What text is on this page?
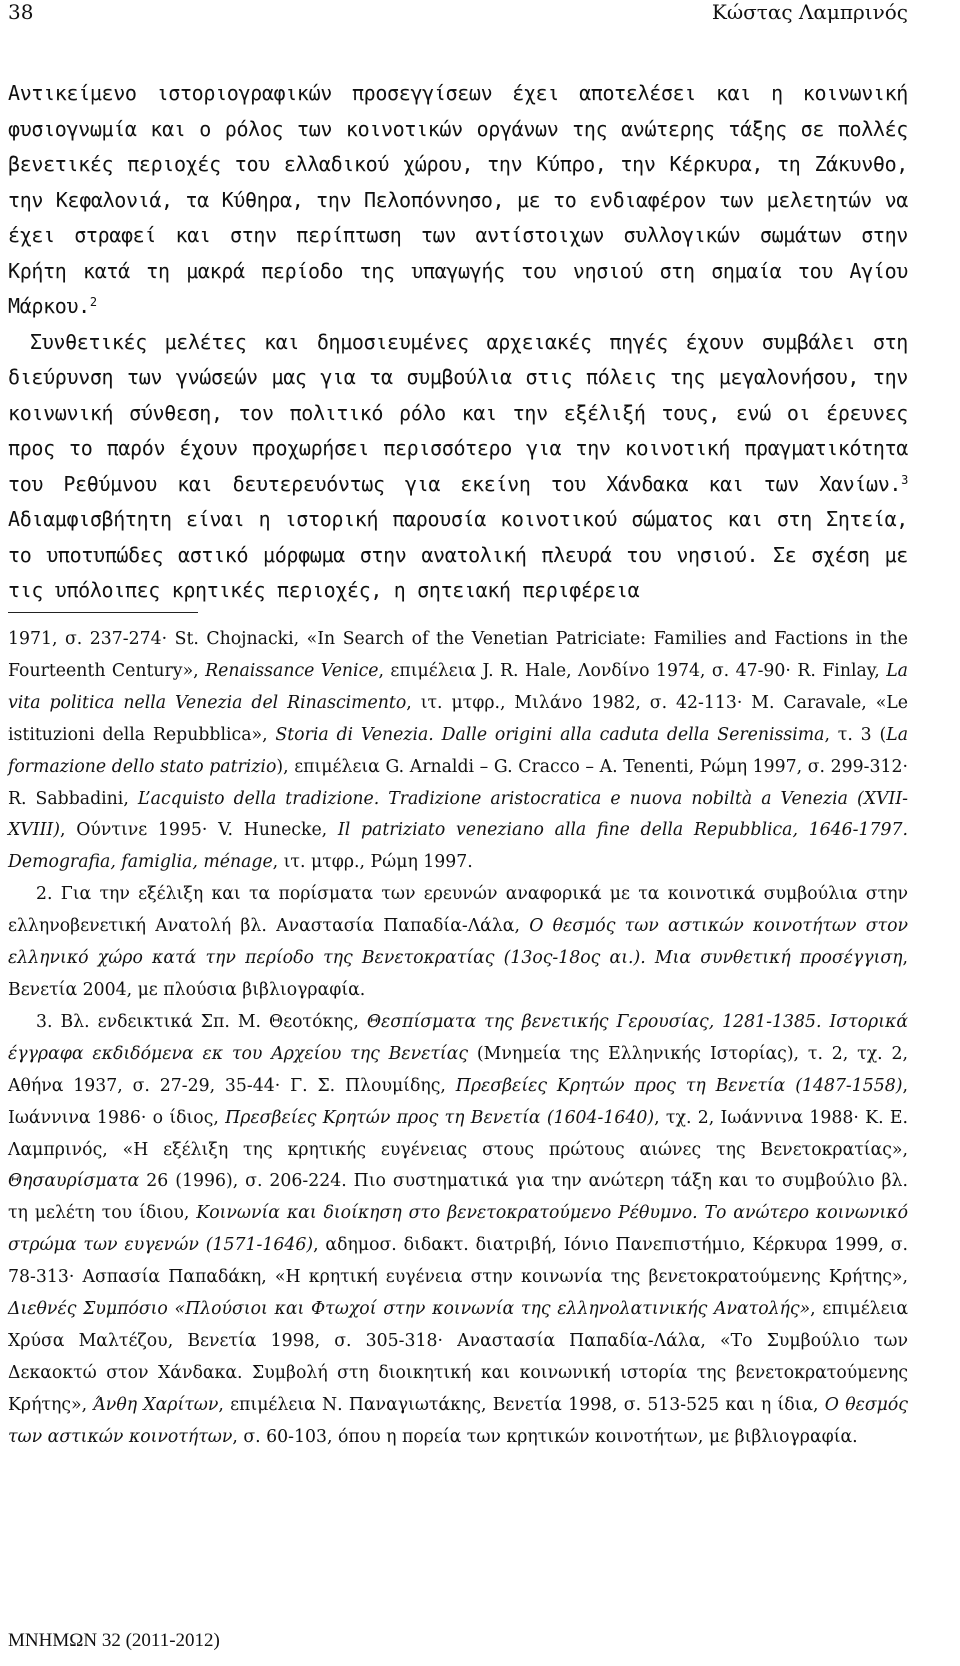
38	Κώστας Λαμπρινός

Αντικείμενο ιστοριογραφικών προσεγγίσεων έχει αποτελέσει και η κοινωνική φυσιογνωμία και ο ρόλος των κοινοτικών οργάνων της ανώτερης τάξης σε πολλές βενετικές περιοχές του ελλαδικού χώρου, την Κύπρο, την Κέρκυρα, τη Ζάκυνθο, την Κεφαλονιά, τα Κύθηρα, την Πελοπόννησο, με το ενδιαφέρον των μελετητών να έχει στραφεί και στην περίπτωση των αντίστοιχων συλλογικών σωμάτων στην Κρήτη κατά τη μακρά περίοδο της υπαγωγής του νησιού στη σημαία του Αγίου Μάρκου.$^2$

Συνθετικές μελέτες και δημοσιευμένες αρχειακές πηγές έχουν συμβάλει στη διεύρυνση των γνώσεών μας για τα συμβούλια στις πόλεις της μεγαλονήσου, την κοινωνική σύνθεση, τον πολιτικό ρόλο και την εξέλιξή τους, ενώ οι έρευνες προς το παρόν έχουν προχωρήσει περισσότερο για την κοινοτική πραγματικότητα του Ρεθύμνου και δευτερευόντως για εκείνη του Χάνδακα και των Χανίων.$^3$ Αδιαμφισβήτητη είναι η ιστορική παρουσία κοινοτικού σώματος και στη Σητεία, το υποτυπώδες αστικό μόρφωμα στην ανατολική πλευρά του νησιού. Σε σχέση με τις υπόλοιπες κρητικές περιοχές, η σητειακή περιφέρεια

1971, σ. 237-274· St. Chojnacki, «In Search of the Venetian Patriciate: Families and Factions in the Fourteenth Century», Renaissance Venice, επιμέλεια J. R. Hale, Λονδίνο 1974, σ. 47-90· R. Finlay, La vita politica nella Venezia del Rinascimento, ιτ. μτφρ., Μιλάνο 1982, σ. 42-113· M. Caravale, «Le istituzioni della Repubblica», Storia di Venezia. Dalle origini alla caduta della Serenissima, τ. 3 (La formazione dello stato patrizio), επιμέλεια G. Arnaldi – G. Cracco – A. Tenenti, Ρώμη 1997, σ. 299-312· R. Sabbadini, L’acquisto della tradizione. Tradizione aristocratica e nuova nobiltà a Venezia (XVII-XVIII), Ούντινε 1995· V. Hunecke, Il patriziato veneziano alla fine della Repubblica, 1646-1797. Demografia, famiglia, ménage, ιτ. μτφρ., Ρώμη 1997.

2. Για την εξέλιξη και τα πορίσματα των ερευνών αναφορικά με τα κοινοτικά συμβούλια στην ελληνοβενετική Ανατολή βλ. Αναστασία Παπαδία-Λάλα, Ο θεσμός των αστικών κοινοτήτων στον ελληνικό χώρο κατά την περίοδο της Βενετοκρατίας (13ος-18ος αι.). Μια συνθετική προσέγγιση, Βενετία 2004, με πλούσια βιβλιογραφία.

3. Βλ. ενδεικτικά Σπ. Μ. Θεοτόκης, Θεσπίσματα της βενετικής Γερουσίας, 1281-1385. Ιστορικά έγγραφα εκδιδόμενα εκ του Αρχείου της Βενετίας (Μνημεία της Ελληνικής Ιστορίας), τ. 2, τχ. 2, Αθήνα 1937, σ. 27-29, 35-44· Γ. Σ. Πλουμίδης, Πρεσβείες Κρητών προς τη Βενετία (1487-1558), Ιωάννινα 1986· ο ίδιος, Πρεσβείες Κρητών προς τη Βενετία (1604-1640), τχ. 2, Ιωάννινα 1988· Κ. Ε. Λαμπρινός, «Η εξέλιξη της κρητικής ευγένειας στους πρώτους αιώνες της Βενετοκρατίας», Θησαυρίσματα 26 (1996), σ. 206-224. Πιο συστηματικά για την ανώτερη τάξη και το συμβούλιο βλ. τη μελέτη του ίδιου, Κοινωνία και διοίκηση στο βενετοκρατούμενο Ρέθυμνο. Το ανώτερο κοινωνικό στρώμα των ευγενών (1571-1646), αδημοσ. διδακτ. διατριβή, Ιόνιο Πανεπιστήμιο, Κέρκυρα 1999, σ. 78-313· Ασπασία Παπαδάκη, «Η κρητική ευγένεια στην κοινωνία της βενετοκρατούμενης Κρήτης», Διεθνές Συμπόσιο «Πλούσιοι και Φτωχοί στην κοινωνία της ελληνολατινικής Ανατολής», επιμέλεια Χρύσα Μαλτέζου, Βενετία 1998, σ. 305-318· Αναστασία Παπαδία-Λάλα, «Το Συμβούλιο των Δεκαοκτώ στον Χάνδακα. Συμβολή στη διοικητική και κοινωνική ιστορία της βενετοκρατούμενης Κρήτης», Άνθη Χαρίτων, επιμέλεια Ν. Παναγιωτάκης, Βενετία 1998, σ. 513-525 και η ίδια, Ο θεσμός των αστικών κοινοτήτων, σ. 60-103, όπου η πορεία των κρητικών κοινοτήτων, με βιβλιογραφία.

ΜΝΗΜΩΝ 32 (2011-2012)
